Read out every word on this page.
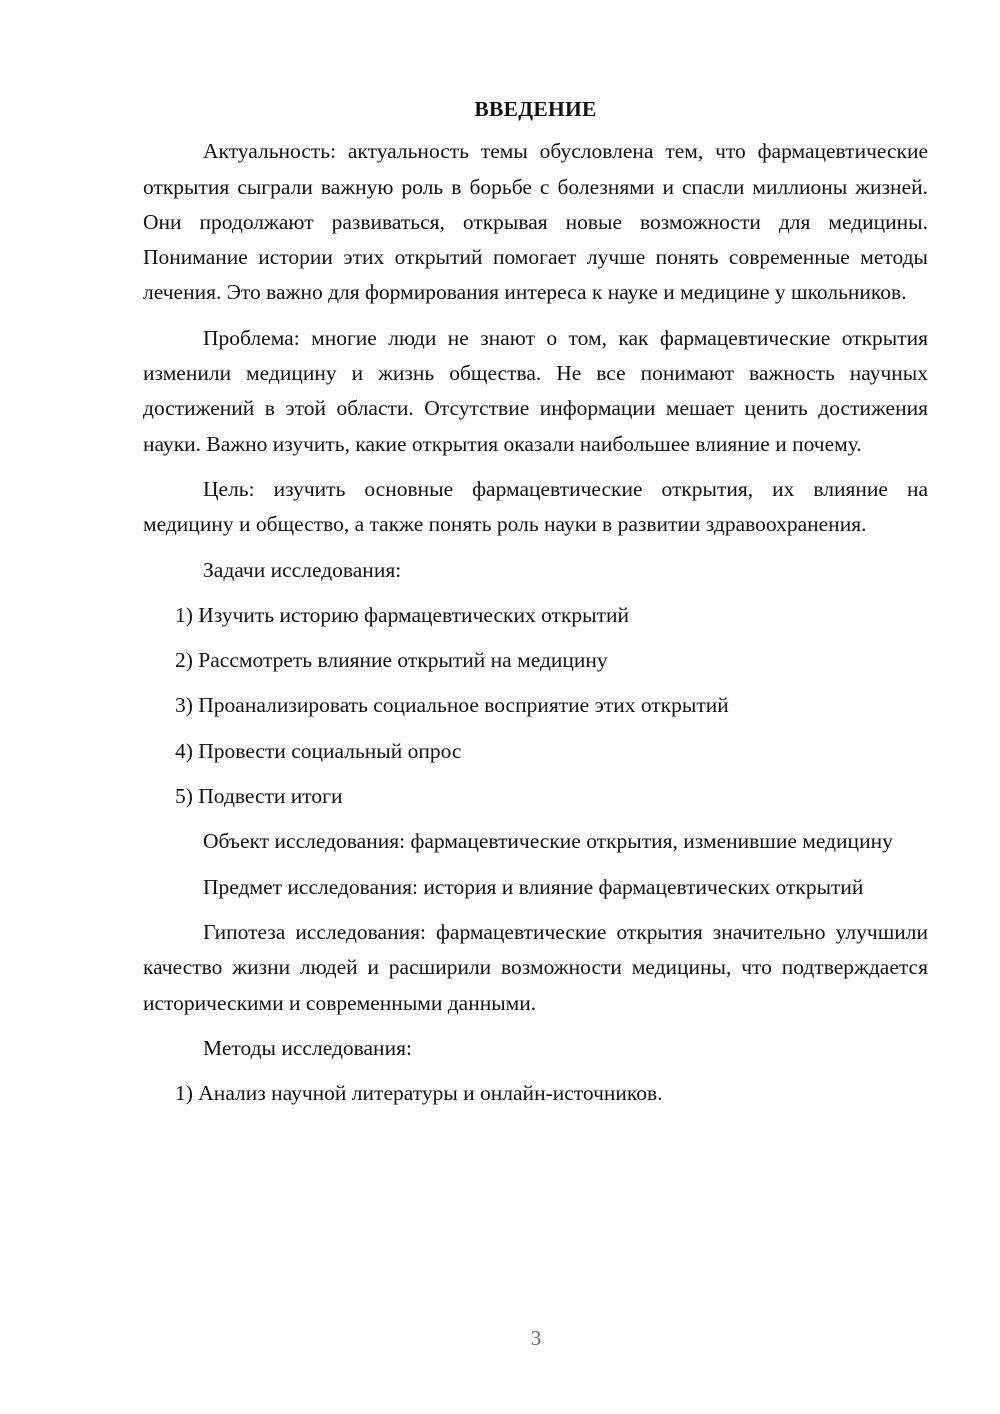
ВВЕДЕНИЕ

Актуальность: актуальность темы обусловлена тем, что фармацевтические открытия сыграли важную роль в борьбе с болезнями и спасли миллионы жизней. Они продолжают развиваться, открывая новые возможности для медицины. Понимание истории этих открытий помогает лучше понять современные методы лечения. Это важно для формирования интереса к науке и медицине у школьников.

Проблема: многие люди не знают о том, как фармацевтические открытия изменили медицину и жизнь общества. Не все понимают важность научных достижений в этой области. Отсутствие информации мешает ценить достижения науки. Важно изучить, какие открытия оказали наибольшее влияние и почему.

Цель: изучить основные фармацевтические открытия, их влияние на медицину и общество, а также понять роль науки в развитии здравоохранения.

Задачи исследования:

1) Изучить историю фармацевтических открытий

2) Рассмотреть влияние открытий на медицину

3) Проанализировать социальное восприятие этих открытий

4) Провести социальный опрос

5) Подвести итоги

Объект исследования: фармацевтические открытия, изменившие медицину

Предмет исследования: история и влияние фармацевтических открытий

Гипотеза исследования: фармацевтические открытия значительно улучшили качество жизни людей и расширили возможности медицины, что подтверждается историческими и современными данными.

Методы исследования:

1) Анализ научной литературы и онлайн-источников.

3
